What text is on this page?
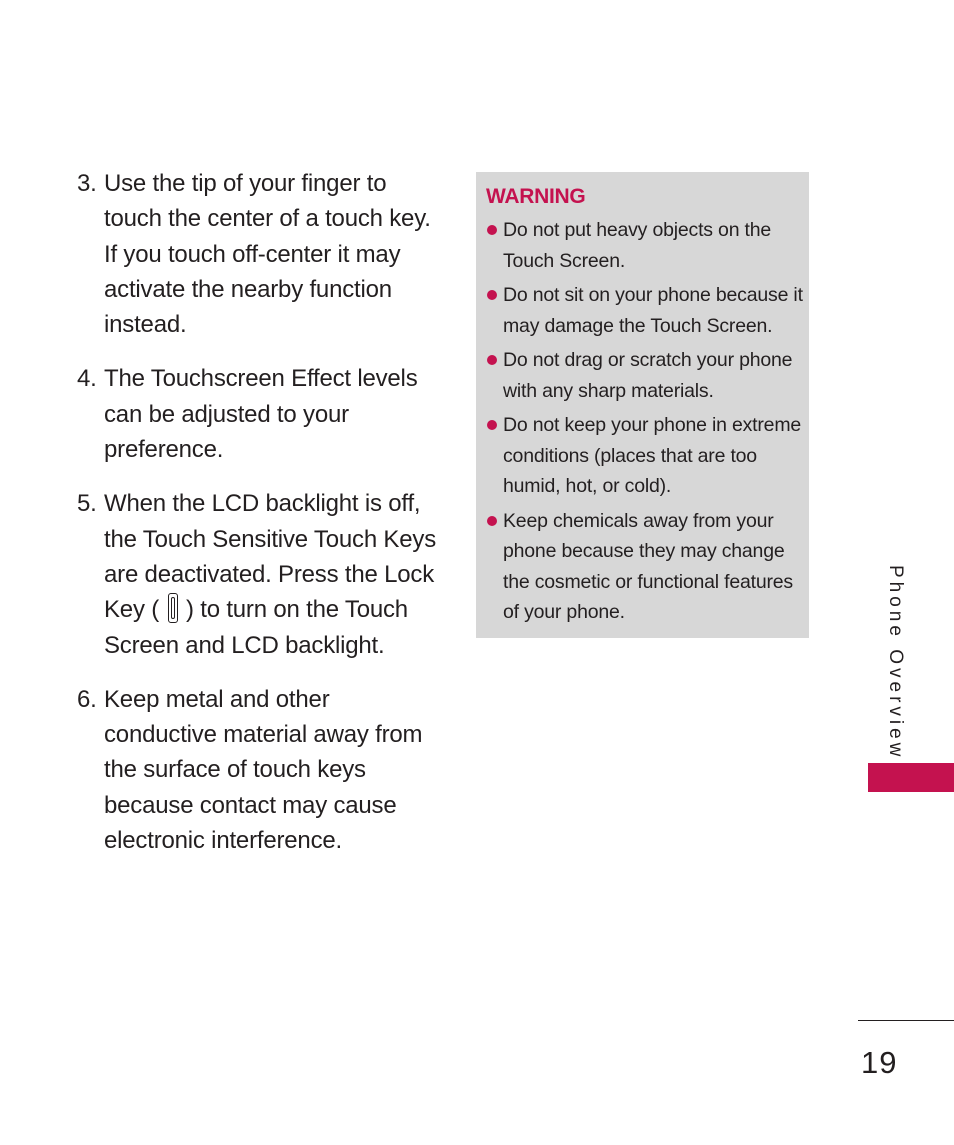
3. Use the tip of your finger to touch the center of a touch key. If you touch off-center it may activate the nearby function instead.
4. The Touchscreen Effect levels can be adjusted to your preference.
5. When the LCD backlight is off, the Touch Sensitive Touch Keys are deactivated. Press the Lock Key ( ) to turn on the Touch Screen and LCD backlight.
6. Keep metal and other conductive material away from the surface of touch keys because contact may cause electronic interference.
WARNING
Do not put heavy objects on the Touch Screen.
Do not sit on your phone because it may damage the Touch Screen.
Do not drag or scratch your phone with any sharp materials.
Do not keep your phone in extreme conditions (places that are too humid, hot, or cold).
Keep chemicals away from your phone because they may change the cosmetic or functional features of your phone.	Phone Overview
19
